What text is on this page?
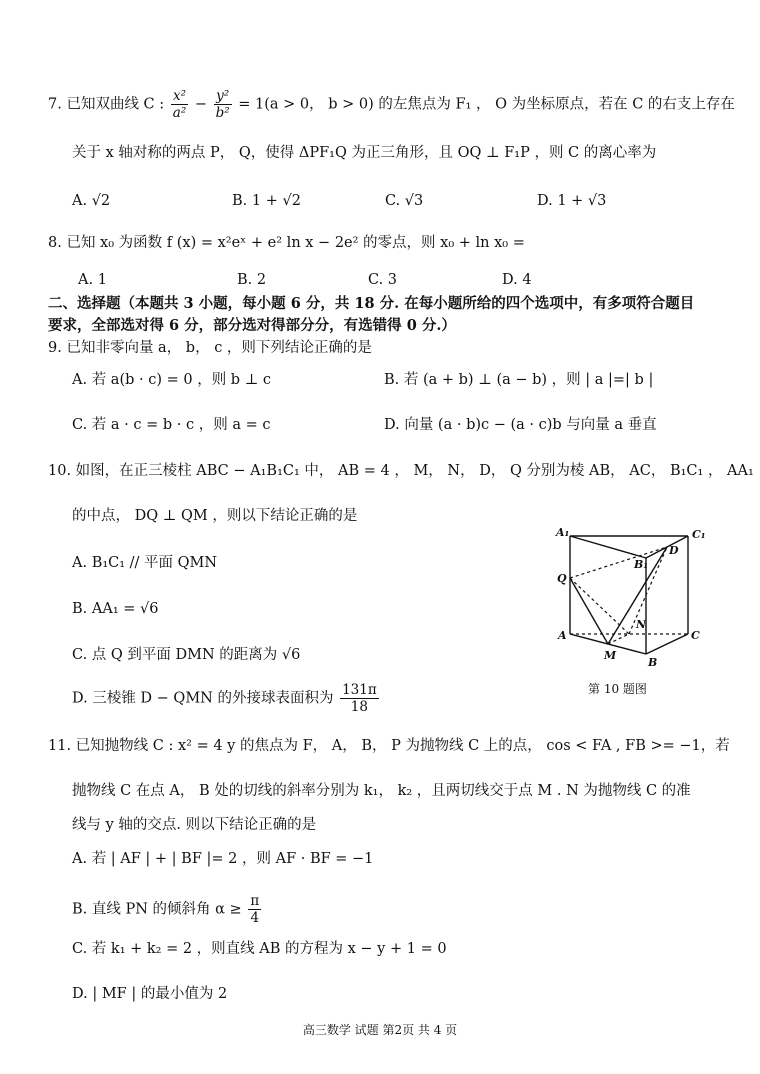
7. 已知双曲线 C : $\frac{\text{x²}}{\text{a²}} - \frac{\text{y²}}{\text{b²}} = 1(a > 0$， b > 0) 的左焦点为 F₁ ， O 为坐标原点，若在 C 的右支上存在
关于 x 轴对称的两点 P， Q，使得 ΔPF₁Q 为正三角形，且 OQ ⊥ F₁P ，则 C 的离心率为
A. √2	B. 1 + √2	C. √3	D. 1 + √3
8. 已知 x₀ 为函数 f (x) = x²eˣ + e² ln x − 2e² 的零点，则 x₀ + ln x₀ =
A. 1	B. 2	C. 3	D. 4
二、选择题（本题共 3 小题，每小题 6 分，共 18 分. 在每小题所给的四个选项中，有多项符合题目
要求，全部选对得 6 分，部分选对得部分分，有选错得 0 分.）
9. 已知非零向量 a， b， c ，则下列结论正确的是
A. 若 a(b · c) = 0 ，则 b ⊥ c	B. 若 (a + b) ⊥ (a − b) ，则 | a |=| b |
C. 若 a · c = b · c ，则 a = c	D. 向量 (a · b)c − (a · c)b 与向量 a 垂直
10. 如图，在正三棱柱 ABC − A₁B₁C₁ 中， AB = 4 ， M， N， D， Q 分别为棱 AB， AC， B₁C₁ ， AA₁
的中点， DQ ⊥ QM ，则以下结论正确的是
A. B₁C₁ // 平面 QMN
B. AA₁ = √6
C. 点 Q 到平面 DMN 的距离为 √6
D. 三棱锥 D − QMN 的外接球表面积为 $\frac{131\pi}{18}$
A₁	C₁
D
B₁
Q
N
A	C
M
B
第 10 题图
11. 已知抛物线 C : x² = 4 y 的焦点为 F， A， B， P 为抛物线 C 上的点， cos < FA , FB >= −1，若
抛物线 C 在点 A， B 处的切线的斜率分别为 k₁， k₂ ，且两切线交于点 M . N 为抛物线 C 的准
线与 y 轴的交点. 则以下结论正确的是
A. 若 | AF | + | BF |= 2 ，则 AF · BF = −1
B. 直线 PN 的倾斜角 $\alpha \ge \frac{\pi}{4}$
C. 若 k₁ + k₂ = 2 ，则直线 AB 的方程为 x − y + 1 = 0
D. | MF | 的最小值为 2
高三数学 试题 第2页 共 4 页
